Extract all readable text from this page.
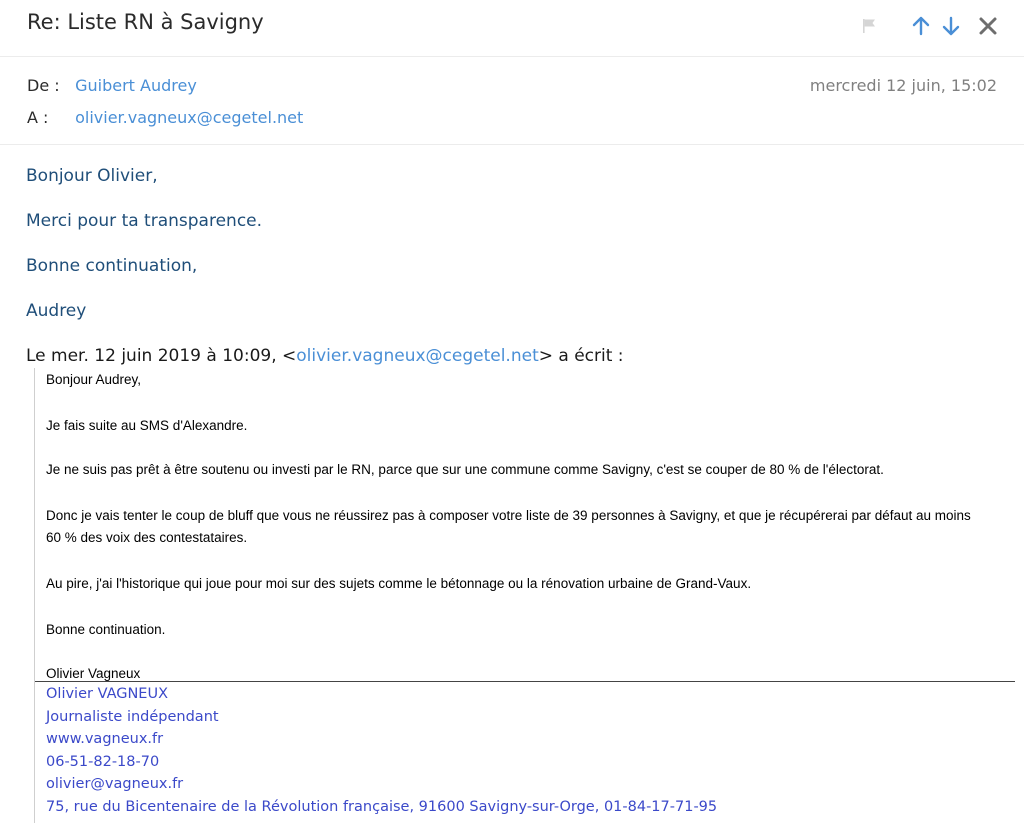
Re: Liste RN à Savigny
De : Guibert Audrey
A : olivier.vagneux@cegetel.net
mercredi 12 juin, 15:02
Bonjour Olivier,
Merci pour ta transparence.
Bonne continuation,
Audrey
Le mer. 12 juin 2019 à 10:09, <olivier.vagneux@cegetel.net> a écrit :
Bonjour Audrey,
Je fais suite au SMS d'Alexandre.
Je ne suis pas prêt à être soutenu ou investi par le RN, parce que sur une commune comme Savigny, c'est se couper de 80 % de l'électorat.
Donc je vais tenter le coup de bluff que vous ne réussirez pas à composer votre liste de 39 personnes à Savigny, et que je récupérerai par défaut au moins
60 % des voix des contestataires.
Au pire, j'ai l'historique qui joue pour moi sur des sujets comme le bétonnage ou la rénovation urbaine de Grand-Vaux.
Bonne continuation.
Olivier Vagneux
Olivier VAGNEUX
Journaliste indépendant
www.vagneux.fr
06-51-82-18-70
olivier@vagneux.fr
75, rue du Bicentenaire de la Révolution française, 91600 Savigny-sur-Orge, 01-84-17-71-95
